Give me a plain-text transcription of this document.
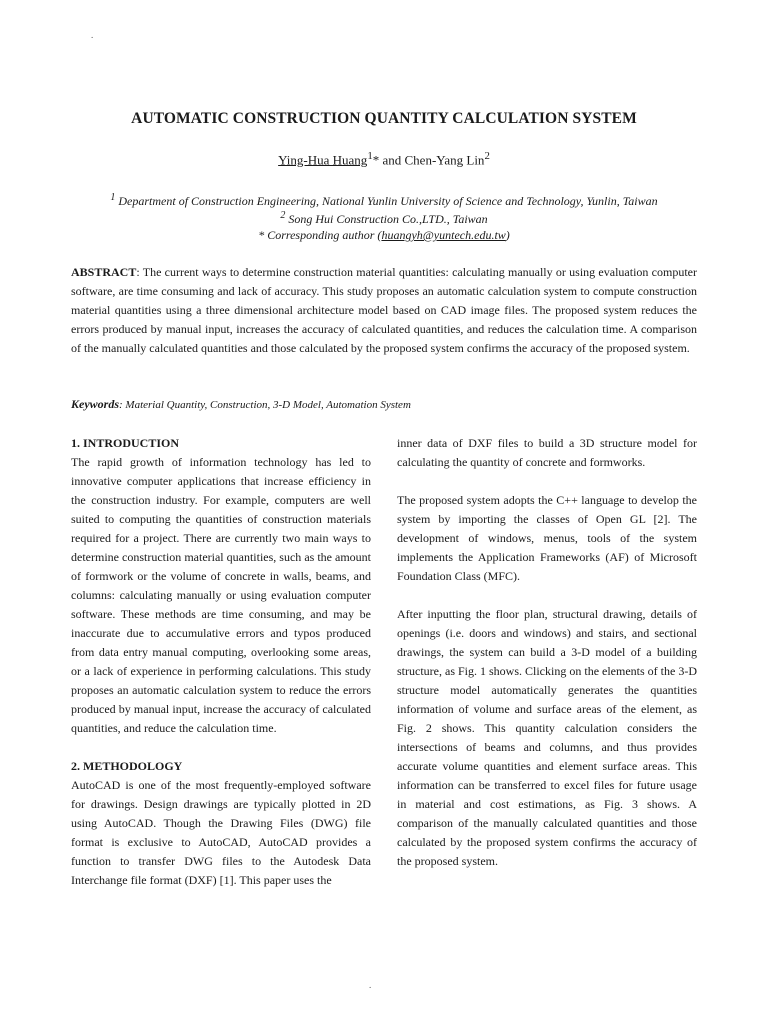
.
AUTOMATIC CONSTRUCTION QUANTITY CALCULATION SYSTEM
Ying-Hua Huang$^1$* and Chen-Yang Lin$^2$
$^1$ Department of Construction Engineering, National Yunlin University of Science and Technology, Yunlin, Taiwan
$^2$ Song Hui Construction Co.,LTD., Taiwan
* Corresponding author (huangyh@yuntech.edu.tw)
ABSTRACT: The current ways to determine construction material quantities: calculating manually or using evaluation computer software, are time consuming and lack of accuracy. This study proposes an automatic calculation system to compute construction material quantities using a three dimensional architecture model based on CAD image files. The proposed system reduces the errors produced by manual input, increases the accuracy of calculated quantities, and reduces the calculation time. A comparison of the manually calculated quantities and those calculated by the proposed system confirms the accuracy of the proposed system.
Keywords: Material Quantity, Construction, 3-D Model, Automation System
1. INTRODUCTION

The rapid growth of information technology has led to innovative computer applications that increase efficiency in the construction industry. For example, computers are well suited to computing the quantities of construction materials required for a project. There are currently two main ways to determine construction material quantities, such as the amount of formwork or the volume of concrete in walls, beams, and columns: calculating manually or using evaluation computer software. These methods are time consuming, and may be inaccurate due to accumulative errors and typos produced from data entry manual computing, overlooking some areas, or a lack of experience in performing calculations. This study proposes an automatic calculation system to reduce the errors produced by manual input, increase the accuracy of calculated quantities, and reduce the calculation time.

2. METHODOLOGY

AutoCAD is one of the most frequently-employed software for drawings. Design drawings are typically plotted in 2D using AutoCAD. Though the Drawing Files (DWG) file format is exclusive to AutoCAD, AutoCAD provides a function to transfer DWG files to the Autodesk Data Interchange file format (DXF) [1]. This paper uses the

inner data of DXF files to build a 3D structure model for calculating the quantity of concrete and formworks.

The proposed system adopts the C++ language to develop the system by importing the classes of Open GL [2]. The development of windows, menus, tools of the system implements the Application Frameworks (AF) of Microsoft Foundation Class (MFC).

After inputting the floor plan, structural drawing, details of openings (i.e. doors and windows) and stairs, and sectional drawings, the system can build a 3-D model of a building structure, as Fig. 1 shows. Clicking on the elements of the 3-D structure model automatically generates the quantities information of volume and surface areas of the element, as Fig. 2 shows. This quantity calculation considers the intersections of beams and columns, and thus provides accurate volume quantities and element surface areas. This information can be transferred to excel files for future usage in material and cost estimations, as Fig. 3 shows. A comparison of the manually calculated quantities and those calculated by the proposed system confirms the accuracy of the proposed system.

.
